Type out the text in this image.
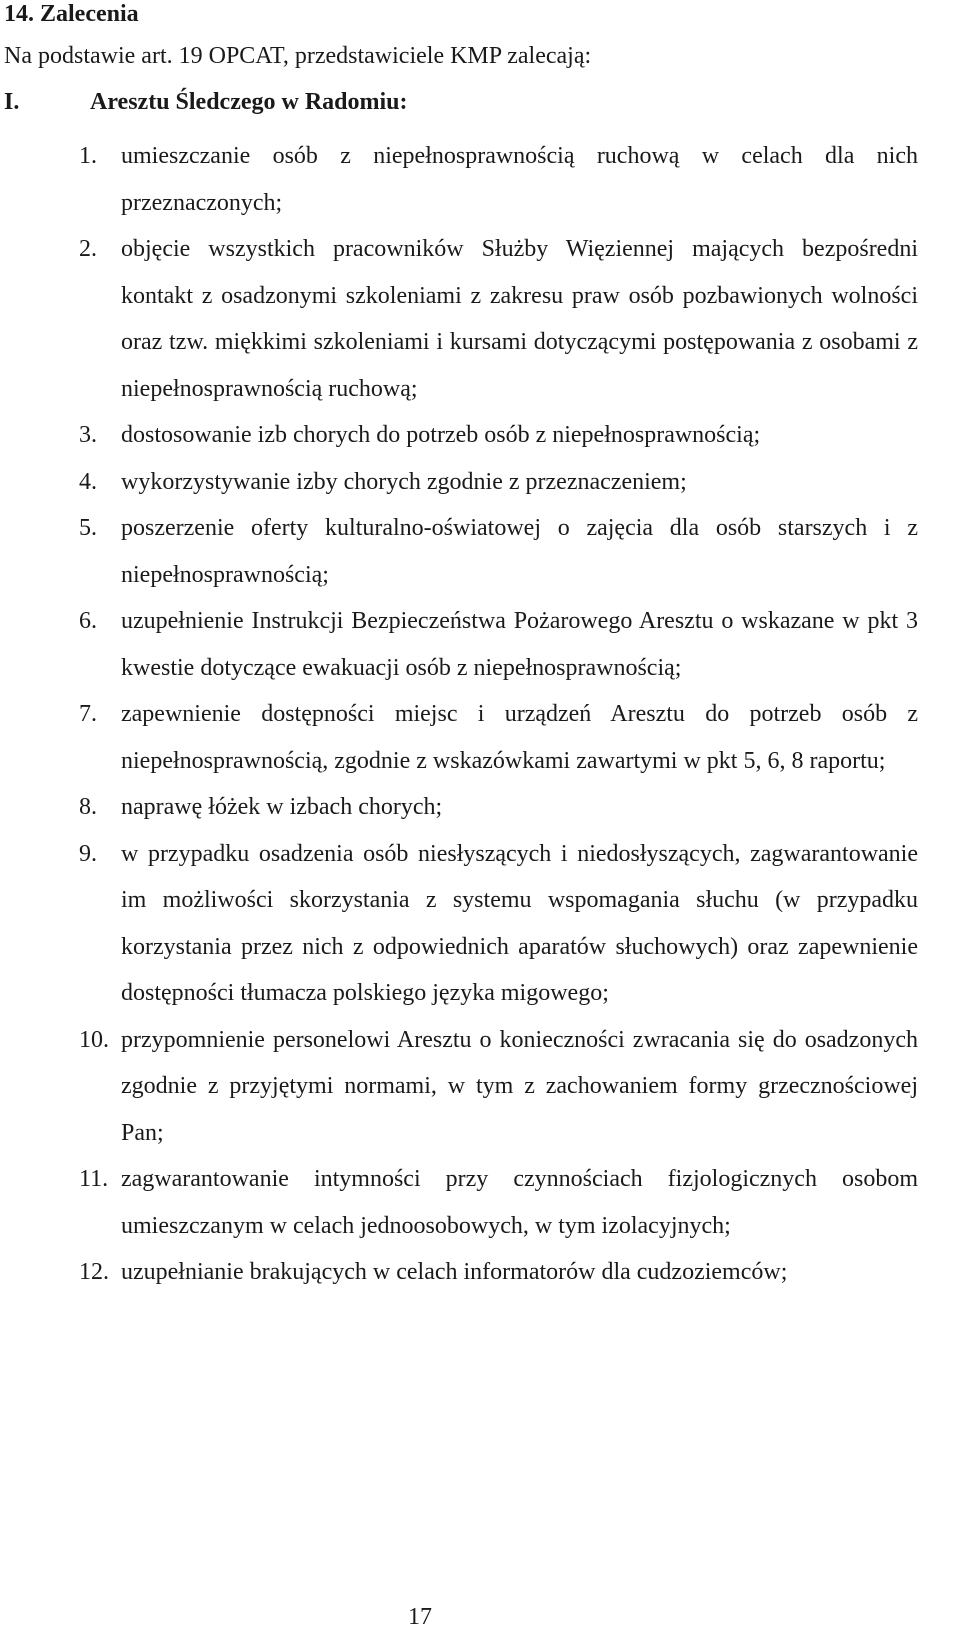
14. Zalecenia
Na podstawie art. 19 OPCAT, przedstawiciele KMP zalecają:
I.	Aresztu Śledczego w Radomiu:
1.	umieszczanie osób z niepełnosprawnością ruchową w celach dla nich przeznaczonych;
2.	objęcie wszystkich pracowników Służby Więziennej mających bezpośredni kontakt z osadzonymi szkoleniami z zakresu praw osób pozbawionych wolności oraz tzw. miękkimi szkoleniami i kursami dotyczącymi postępowania z osobami z niepełnosprawnością ruchową;
3.	dostosowanie izb chorych do potrzeb osób z niepełnosprawnością;
4.	wykorzystywanie izby chorych zgodnie z przeznaczeniem;
5.	poszerzenie oferty kulturalno-oświatowej o zajęcia dla osób starszych i z niepełnosprawnością;
6.	uzupełnienie Instrukcji Bezpieczeństwa Pożarowego Aresztu o wskazane w pkt 3 kwestie dotyczące ewakuacji osób z niepełnosprawnością;
7.	zapewnienie dostępności miejsc i urządzeń Aresztu do potrzeb osób z niepełnosprawnością, zgodnie z wskazówkami zawartymi w pkt 5, 6, 8 raportu;
8.	naprawę łóżek w izbach chorych;
9.	w przypadku osadzenia osób niesłyszących i niedosłyszących, zagwarantowanie im możliwości skorzystania z systemu wspomagania słuchu (w przypadku korzystania przez nich z odpowiednich aparatów słuchowych) oraz zapewnienie dostępności tłumacza polskiego języka migowego;
10. przypomnienie personelowi Aresztu o konieczności zwracania się do osadzonych zgodnie z przyjętymi normami, w tym z zachowaniem formy grzecznościowej Pan;
11. zagwarantowanie intymności przy czynnościach fizjologicznych osobom umieszczanym w celach jednoosobowych, w tym izolacyjnych;
12. uzupełnianie brakujących w celach informatorów dla cudzoziemców;
17
